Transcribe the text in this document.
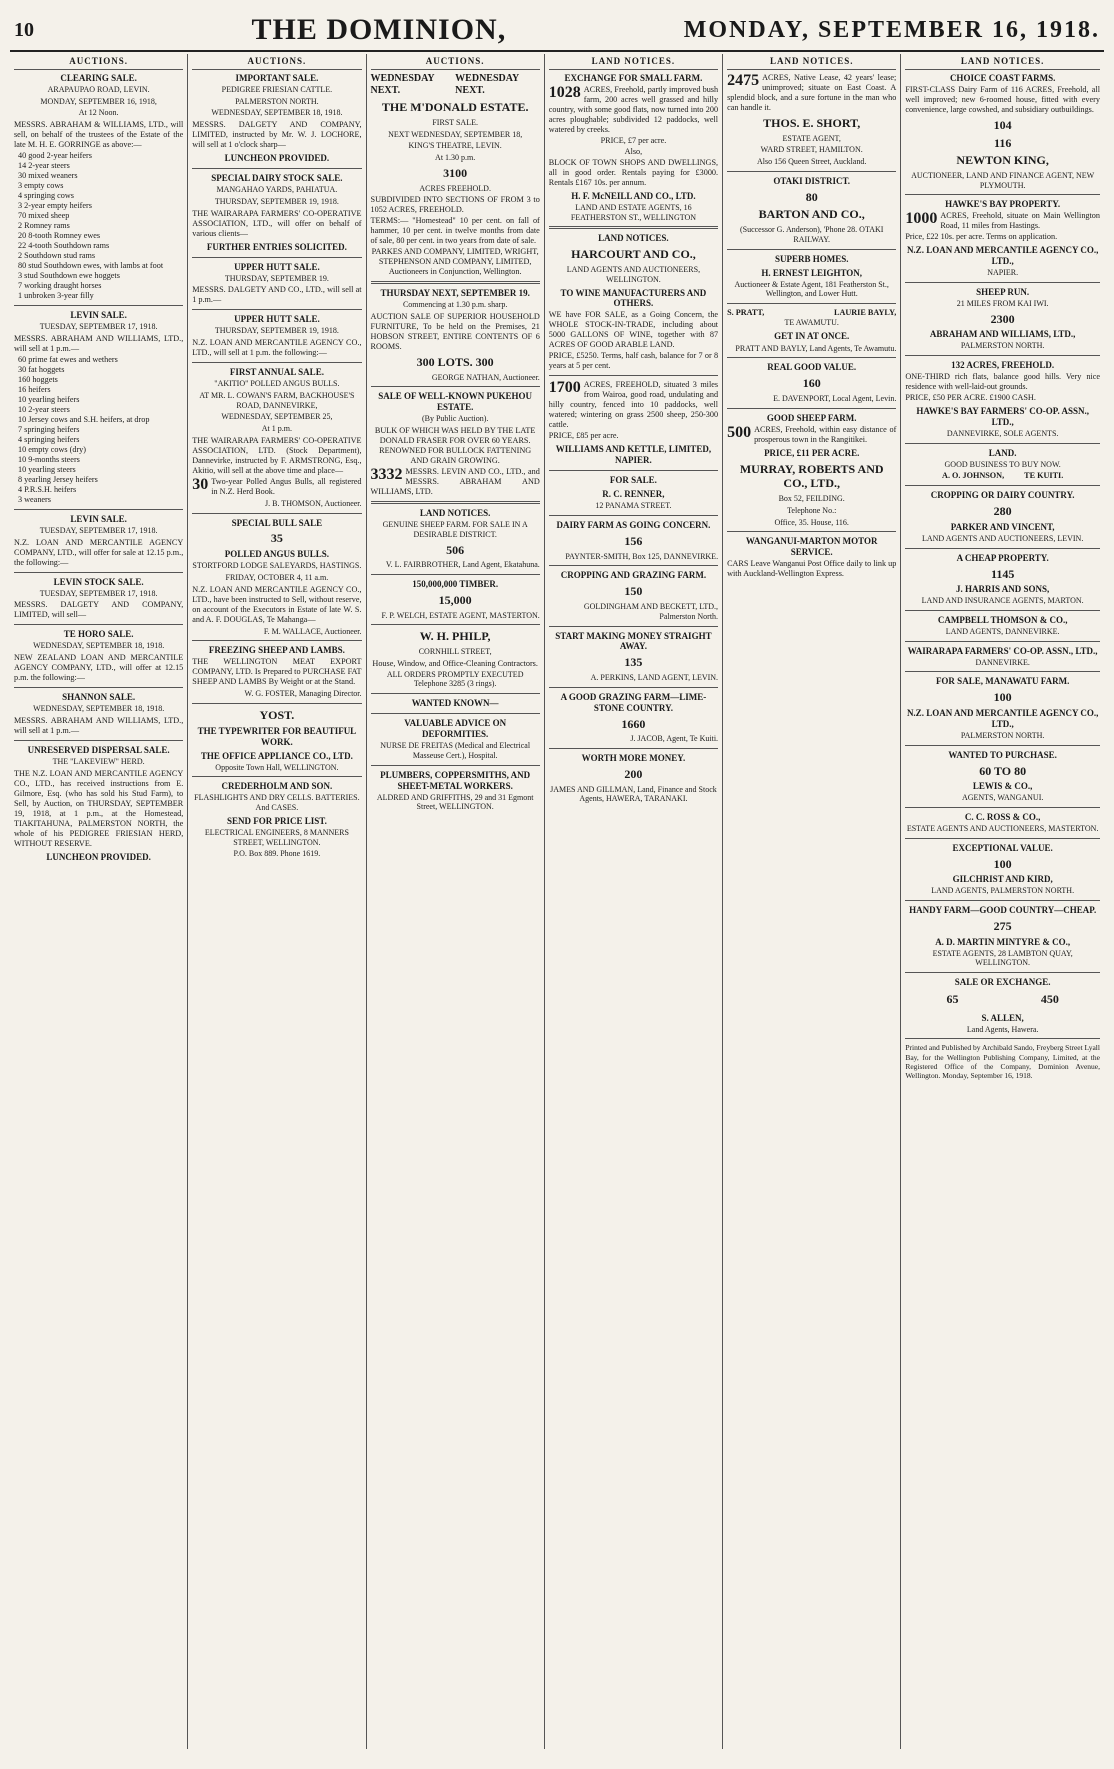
10	THE DOMINION,	MONDAY, SEPTEMBER 16, 1918.
AUCTIONS.
CLEARING SALE.
ARAPAUPAO ROAD, LEVIN.
MONDAY, SEPTEMBER 16, 1918,
At 12 Noon.

MESSRS. ABRAHAM & WILLIAMS, LTD., will sell, on behalf of the trustees of the Estate of the late M. H. E. GORRINGE as above:—

40 good 2-year heifers
14 2-year steers
30 mixed weaners
3 empty cows
4 springing cows
3 2-year empty heifers
70 mixed sheep
2 Romney rams
20 8-tooth Romney ewes
22 4-tooth Southdown rams
2 Southdown stud rams
80 stud Southdown ewes, with lambs at foot
3 stud Southdown ewe hoggets
7 working draught horses
1 unbroken 3-year filly
LEVIN SALE.
TUESDAY, SEPTEMBER 17, 1918.

MESSRS. ABRAHAM AND WILLIAMS, LTD., will sell at 1 p.m.—

60 prime fat ewes and wethers
30 fat hoggets
160 hoggets
16 heifers
10 yearling heifers
10 2-year steers
10 Jersey cows and S.H. heifers, at drop
7 springing heifers
4 springing heifers
10 empty cows (dry)
10 9-months steers
10 yearling steers
8 yearling Jersey heifers
4 P.R.S.H. heifers
3 weaners
LEVIN SALE.
TUESDAY, SEPTEMBER 17, 1918.

N.Z. LOAN AND MERCANTILE AGENCY COMPANY, LTD., will offer for sale at 12.15 p.m., the following:—

LEVIN STOCK SALE.
TUESDAY, SEPTEMBER 17, 1918.

MESSRS. DALGETY AND COMPANY, LIMITED, will sell—

TE HORO SALE.
WEDNESDAY, SEPTEMBER 18, 1918.

NEW ZEALAND LOAN AND MERCANTILE AGENCY COMPANY, LTD., will offer at 12.15 p.m. the following:—

SHANNON SALE.
WEDNESDAY, SEPTEMBER 18, 1918.

MESSRS. ABRAHAM AND WILLIAMS, LTD., will sell at 1 p.m.—

UNRESERVED DISPERSAL SALE.
THE "LAKEVIEW" HERD.

THE N.Z. LOAN AND MERCANTILE AGENCY CO., LTD., has received instructions from E. Gilmore, Esq. (who has sold his Stud Farm), to Sell, by Auction, on THURSDAY, SEPTEMBER 19, 1918, at 1 p.m., at the Homestead, TIAKITAHUNA, PALMERSTON NORTH, the whole of his PEDIGREE FRIESIAN HERD, WITHOUT RESERVE.

LUNCHEON PROVIDED.
AUCTIONS.
IMPORTANT SALE.
PEDIGREE FRIESIAN CATTLE.
PALMERSTON NORTH.
WEDNESDAY, SEPTEMBER 18, 1918.

MESSRS. DALGETY AND COMPANY, LIMITED, instructed by Mr. W. J. LOCHORE, will sell at 1 o'clock sharp—

LUNCHEON PROVIDED.
SPECIAL DAIRY STOCK SALE.
MANGAHAO YARDS, PAHIATUA.
THURSDAY, SEPTEMBER 19, 1918.

THE WAIRARAPA FARMERS' CO-OPERATIVE ASSOCIATION, LTD., will offer on behalf of various clients—

FURTHER ENTRIES SOLICITED.
UPPER HUTT SALE.
THURSDAY, SEPTEMBER 19.

MESSRS. DALGETY AND CO., LTD., will sell at 1 p.m.—

UPPER HUTT SALE.
THURSDAY, SEPTEMBER 19, 1918.

N.Z. LOAN AND MERCANTILE AGENCY CO., LTD., will sell at 1 p.m. the following:—

FIRST ANNUAL SALE.
"AKITIO" POLLED ANGUS BULLS.
AT MR. L. COWAN'S FARM, BACKHOUSE'S ROAD, DANNEVIRKE,
WEDNESDAY, SEPTEMBER 25,
At 1 p.m.

THE WAIRARAPA FARMERS' CO-OPERATIVE ASSOCIATION, LTD. (Stock Department), Dannevirke, instructed by F. ARMSTRONG, Esq., Akitio, will sell at the above time and place—

30 Two-year Polled Angus Bulls, all registered in N.Z. Herd Book.

J. B. THOMSON, Auctioneer.
SPECIAL BULL SALE
35
POLLED ANGUS BULLS.
STORTFORD LODGE SALEYARDS, HASTINGS.
FRIDAY, OCTOBER 4, 11 a.m.

N.Z. LOAN AND MERCANTILE AGENCY CO., LTD., have been instructed to Sell, without reserve, on account of the Executors in Estate of late W. S. and A. F. DOUGLAS, Te Mahanga—

F. M. WALLACE, Auctioneer.
FREEZING SHEEP AND LAMBS.

THE WELLINGTON MEAT EXPORT COMPANY, LTD. Is Prepared to PURCHASE FAT SHEEP AND LAMBS By Weight or at the Stand.

W. G. FOSTER, Managing Director.
YOST.
THE TYPEWRITER FOR BEAUTIFUL WORK.
THE OFFICE APPLIANCE CO., LTD.
Opposite Town Hall, WELLINGTON.
CREDERHOLM AND SON.
FLASHLIGHTS AND DRY CELLS. BATTERIES. And CASES.
SEND FOR PRICE LIST.
ELECTRICAL ENGINEERS, 8 MANNERS STREET, WELLINGTON.
P.O. Box 889. Phone 1619.
AUCTIONS.
WEDNESDAY NEXT.
WEDNESDAY NEXT.
THE M'DONALD ESTATE.
FIRST SALE.
NEXT WEDNESDAY, SEPTEMBER 18,
KING'S THEATRE, LEVIN.
At 1.30 p.m.
3100
ACRES FREEHOLD.

SUBDIVIDED INTO SECTIONS OF FROM 3 to 1052 ACRES, FREEHOLD.

TERMS:— "Homestead" 10 per cent. on fall of hammer, 10 per cent. in twelve months from date of sale, 80 per cent. in two years from date of sale.

PARKES AND COMPANY, LIMITED, WRIGHT, STEPHENSON AND COMPANY, LIMITED, Auctioneers in Conjunction, Wellington.

THURSDAY NEXT, SEPTEMBER 19.
Commencing at 1.30 p.m. sharp.

AUCTION SALE OF SUPERIOR HOUSEHOLD FURNITURE, To be held on the Premises, 21 HOBSON STREET, ENTIRE CONTENTS OF 6 ROOMS.

300 LOTS. 300
GEORGE NATHAN, Auctioneer.
SALE OF WELL-KNOWN PUKEHOU ESTATE.
(By Public Auction).

BULK OF WHICH WAS HELD BY THE LATE DONALD FRASER FOR OVER 60 YEARS. RENOWNED FOR BULLOCK FATTENING AND GRAIN GROWING.

3332 MESSRS. LEVIN AND CO., LTD., and MESSRS. ABRAHAM AND WILLIAMS, LTD.

LAND NOTICES.
GENUINE SHEEP FARM. FOR SALE IN A DESIRABLE DISTRICT.
506
V. L. FAIRBROTHER, Land Agent, Ekatahuna.
150,000,000 TIMBER.
15,000
F. P. WELCH, ESTATE AGENT, MASTERTON.
W. H. PHILP,
CORNHILL STREET,

House, Window, and Office-Cleaning Contractors.

ALL ORDERS PROMPTLY EXECUTED Telephone 3285 (3 rings).
WANTED KNOWN—
VALUABLE ADVICE ON DEFORMITIES.
NURSE DE FREITAS (Medical and Electrical Masseuse Cert.), Hospital.
PLUMBERS, COPPERSMITHS, AND SHEET-METAL WORKERS.
ALDRED AND GRIFFITHS, 29 and 31 Egmont Street, WELLINGTON.
LAND NOTICES.
EXCHANGE FOR SMALL FARM.

1028 ACRES, Freehold, partly improved bush farm, 200 acres well grassed and hilly country, with some good flats, now turned into 200 acres ploughable; subdivided 12 paddocks, well watered by creeks.

PRICE, £7 per acre.

Also,

BLOCK OF TOWN SHOPS AND DWELLINGS, all in good order. Rentals paying for £3000. Rentals £167 10s. per annum.

H. F. McNEILL AND CO., LTD.
LAND AND ESTATE AGENTS, 16 FEATHERSTON ST., WELLINGTON
LAND NOTICES.
HARCOURT AND CO.,
LAND AGENTS AND AUCTIONEERS, WELLINGTON.
TO WINE MANUFACTURERS AND OTHERS.

WE have FOR SALE, as a Going Concern, the WHOLE STOCK-IN-TRADE, including about 5000 GALLONS OF WINE, together with 87 ACRES OF GOOD ARABLE LAND.

PRICE, £5250. Terms, half cash, balance for 7 or 8 years at 5 per cent.

1700 ACRES, FREEHOLD, situated 3 miles from Wairoa, good road, undulating and hilly country, fenced into 10 paddocks, well watered; wintering on grass 2500 sheep, 250-300 cattle.

PRICE, £85 per acre.

WILLIAMS AND KETTLE, LIMITED, NAPIER.
FOR SALE.
R. C. RENNER,
12 PANAMA STREET.
DAIRY FARM AS GOING CONCERN.
156
PAYNTER-SMITH, Box 125, DANNEVIRKE.
CROPPING AND GRAZING FARM.
150
GOLDINGHAM AND BECKETT, LTD., Palmerston North.
START MAKING MONEY STRAIGHT AWAY.
135
A. PERKINS, LAND AGENT, LEVIN.
A GOOD GRAZING FARM—LIME-STONE COUNTRY.
1660
J. JACOB, Agent, Te Kuiti.
WORTH MORE MONEY.
200
JAMES AND GILLMAN, Land, Finance and Stock Agents, HAWERA, TARANAKI.
LAND NOTICES.

2475 ACRES, Native Lease, 42 years' lease; unimproved; situate on East Coast. A splendid block, and a sure fortune in the man who can handle it.

THOS. E. SHORT,
ESTATE AGENT,
WARD STREET, HAMILTON.
Also 156 Queen Street, Auckland.
OTAKI DISTRICT.
80
BARTON AND CO.,
(Successor G. Anderson), 'Phone 28. OTAKI RAILWAY.
SUPERB HOMES.
H. ERNEST LEIGHTON,
Auctioneer & Estate Agent, 181 Featherston St., Wellington, and Lower Hutt.
S. PRATT,	LAURIE BAYLY,
TE AWAMUTU.
GET IN AT ONCE.
PRATT AND BAYLY, Land Agents, Te Awamutu.
REAL GOOD VALUE.
160
E. DAVENPORT, Local Agent, Levin.
GOOD SHEEP FARM.

500 ACRES, Freehold, within easy distance of prosperous town in the Rangitikei.

PRICE, £11 PER ACRE.
MURRAY, ROBERTS AND CO., LTD.,
Box 52, FEILDING.
Telephone No.:
Office, 35. House, 116.
WANGANUI-MARTON MOTOR SERVICE.

CARS Leave Wanganui Post Office daily to link up with Auckland-Wellington Express.

LAND NOTICES.
CHOICE COAST FARMS.

FIRST-CLASS Dairy Farm of 116 ACRES, Freehold, all well improved; new 6-roomed house, fitted with every convenience, large cowshed, and subsidiary outbuildings.

104
116
NEWTON KING,
AUCTIONEER, LAND AND FINANCE AGENT, NEW PLYMOUTH.
HAWKE'S BAY PROPERTY.

1000 ACRES, Freehold, situate on Main Wellington Road, 11 miles from Hastings.

Price, £22 10s. per acre. Terms on application.

N.Z. LOAN AND MERCANTILE AGENCY CO., LTD.,
NAPIER.
SHEEP RUN.
21 MILES FROM KAI IWI.
2300
ABRAHAM AND WILLIAMS, LTD.,
PALMERSTON NORTH.
132 ACRES, FREEHOLD.

ONE-THIRD rich flats, balance good hills. Very nice residence with well-laid-out grounds.

PRICE, £50 PER ACRE. £1900 CASH.

HAWKE'S BAY FARMERS' CO-OP. ASSN., LTD.,
DANNEVIRKE, SOLE AGENTS.
LAND.
GOOD BUSINESS TO BUY NOW.
A. O. JOHNSON, TE KUITI.
CROPPING OR DAIRY COUNTRY.
280
PARKER AND VINCENT,
LAND AGENTS AND AUCTIONEERS, LEVIN.
A CHEAP PROPERTY.
1145
J. HARRIS AND SONS,
LAND AND INSURANCE AGENTS, MARTON.
CAMPBELL THOMSON & CO.,
LAND AGENTS, DANNEVIRKE.
WAIRARAPA FARMERS' CO-OP. ASSN., LTD.,
DANNEVIRKE.
FOR SALE, MANAWATU FARM.
100
N.Z. LOAN AND MERCANTILE AGENCY CO., LTD.,
PALMERSTON NORTH.
WANTED TO PURCHASE.
60 TO 80
LEWIS & CO.,
AGENTS, WANGANUI.
C. C. ROSS & CO.,
ESTATE AGENTS AND AUCTIONEERS, MASTERTON.
EXCEPTIONAL VALUE.
100
GILCHRIST AND KIRD,
LAND AGENTS, PALMERSTON NORTH.
HANDY FARM—GOOD COUNTRY—CHEAP.
275
A. D. MARTIN MINTYRE & CO.,
ESTATE AGENTS, 28 LAMBTON QUAY, WELLINGTON.
SALE OR EXCHANGE.
65	450
S. ALLEN,
Land Agents, Hawera.

Printed and Published by Archibald Sando, Freyberg Street Lyall Bay, for the Wellington Publishing Company, Limited, at the Registered Office of the Company, Dominion Avenue, Wellington. Monday, September 16, 1918.
